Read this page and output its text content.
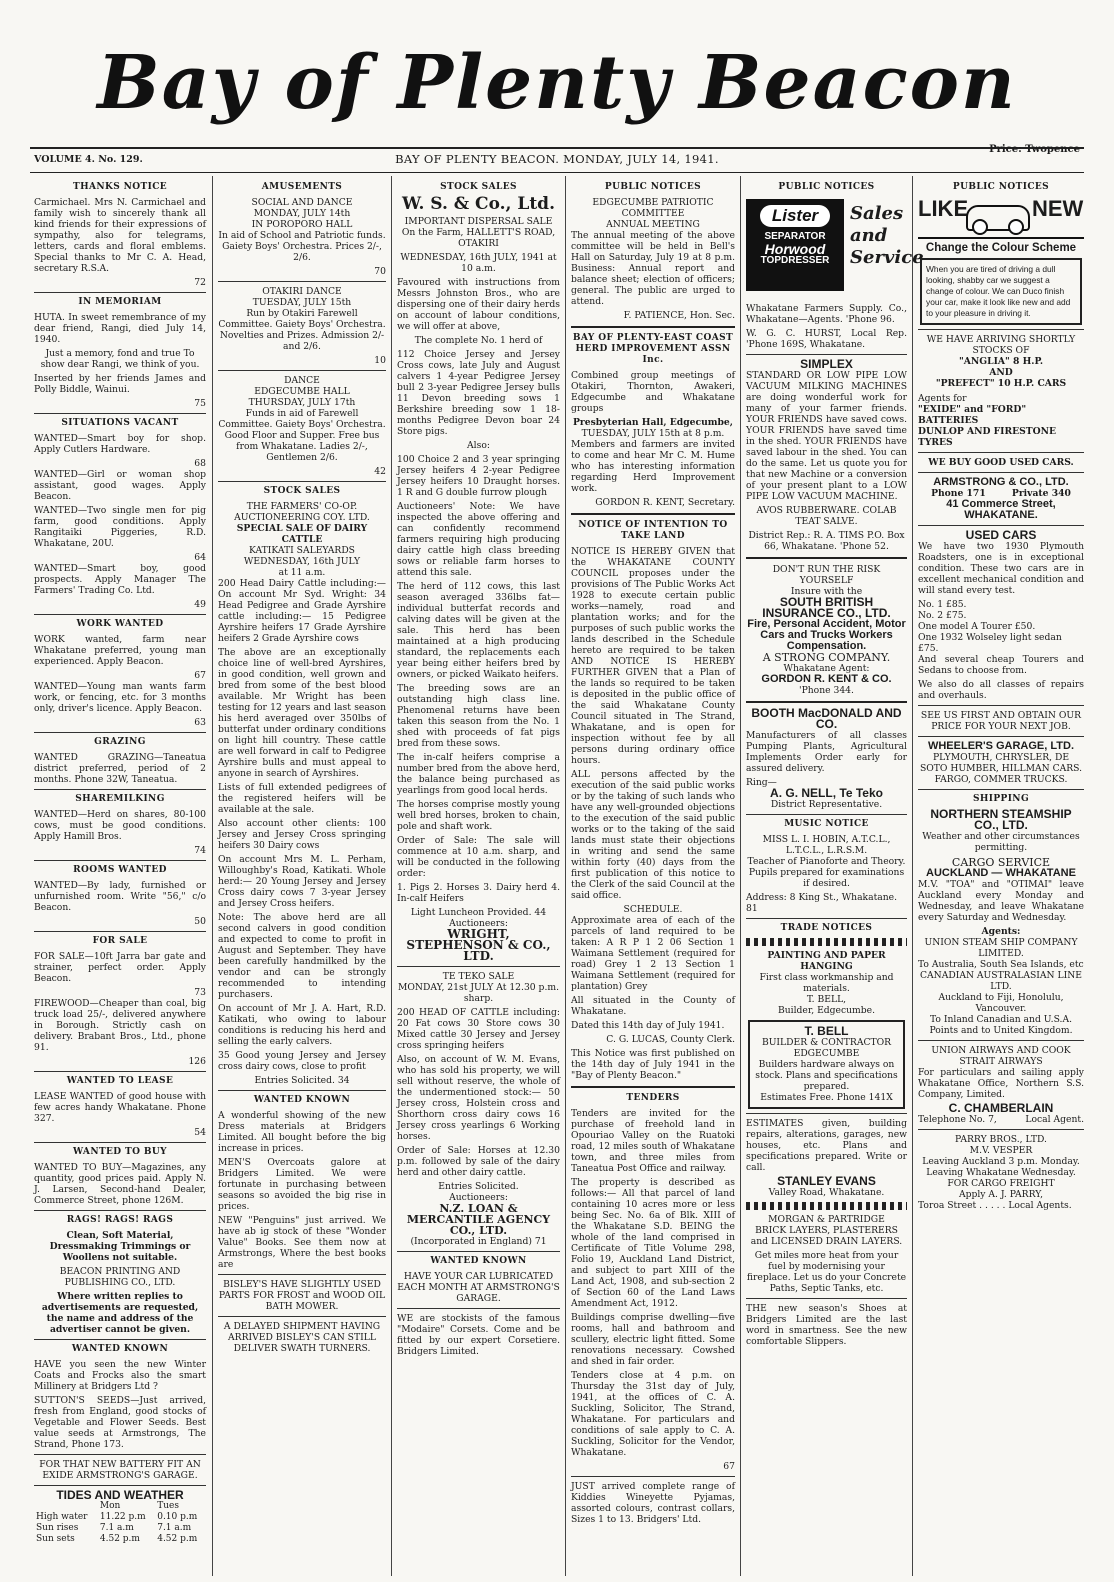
Bay of Plenty Beacon
VOLUME 4. No. 129.	BAY OF PLENTY BEACON. MONDAY, JULY 14, 1941.
Price: Twopence
THANKS NOTICE

Carmichael. Mrs N. Carmichael and family wish to sincerely thank all kind friends for their expressions of sympathy, also for telegrams, letters, cards and floral emblems. Special thanks to Mr C. A. Head, secretary R.S.A.

72
IN MEMORIAM

HUTA. In sweet remembrance of my dear friend, Rangi, died July 14, 1940.

Just a memory, fond and true To show dear Rangi, we think of you.

Inserted by her friends James and Polly Biddle, Wainui.

75
SITUATIONS VACANT

WANTED—Smart boy for shop. Apply Cutlers Hardware.

68

WANTED—Girl or woman shop assistant, good wages. Apply Beacon.

WANTED—Two single men for pig farm, good conditions. Apply Rangitaiki Piggeries, R.D. Whakatane, 20U.

64

WANTED—Smart boy, good prospects. Apply Manager The Farmers' Trading Co. Ltd.

49
WORK WANTED

WORK wanted, farm near Whakatane preferred, young man experienced. Apply Beacon.

67

WANTED—Young man wants farm work, or fencing, etc. for 3 months only, driver's licence. Apply Beacon.

63
GRAZING

WANTED GRAZING—Taneatua district preferred, period of 2 months. Phone 32W, Taneatua.

SHAREMILKING

WANTED—Herd on shares, 80-100 cows, must be good conditions. Apply Hamill Bros.

74
ROOMS WANTED

WANTED—By lady, furnished or unfurnished room. Write "56," c/o Beacon.

50
FOR SALE

FOR SALE—10ft Jarra bar gate and strainer, perfect order. Apply Beacon.

73

FIREWOOD—Cheaper than coal, big truck load 25/-, delivered anywhere in Borough. Strictly cash on delivery. Brabant Bros., Ltd., phone 91.

126
WANTED TO LEASE

LEASE WANTED of good house with few acres handy Whakatane. Phone 327.

54
WANTED TO BUY

WANTED TO BUY—Magazines, any quantity, good prices paid. Apply N. J. Larsen, Second-hand Dealer, Commerce Street, phone 126M.

RAGS! RAGS! RAGS

Clean, Soft Material, Dressmaking Trimmings or Woollens not suitable.

BEACON PRINTING AND PUBLISHING CO., LTD.

Where written replies to advertisements are requested, the name and address of the advertiser cannot be given.

WANTED KNOWN

HAVE you seen the new Winter Coats and Frocks also the smart Millinery at Bridgers Ltd ?

SUTTON'S SEEDS—Just arrived, fresh from England, good stocks of Vegetable and Flower Seeds. Best value seeds at Armstrongs, The Strand, Phone 173.

FOR THAT NEW BATTERY FIT AN EXIDE ARMSTRONG'S GARAGE.

TIDES AND WEATHER
	Mon	Tues
High water	11.22 p.m	0.10 p.m
Sun rises	7.1 a.m	7.1 a.m
Sun sets	4.52 p.m	4.52 p.m
AMUSEMENTS
SOCIAL AND DANCE
MONDAY, JULY 14th
IN POROPORO HALL

In aid of School and Patriotic funds. Gaiety Boys' Orchestra. Prices 2/-, 2/6.

70
OTAKIRI DANCE
TUESDAY, JULY 15th

Run by Otakiri Farewell Committee. Gaiety Boys' Orchestra. Novelties and Prizes. Admission 2/- and 2/6.

10
DANCE
EDGECUMBE HALL
THURSDAY, JULY 17th

Funds in aid of Farewell Committee. Gaiety Boys' Orchestra. Good Floor and Supper. Free bus from Whakatane. Ladies 2/-, Gentlemen 2/6.

42
STOCK SALES
THE FARMERS' CO-OP. AUCTIONEERING COY. LTD.
SPECIAL SALE OF DAIRY CATTLE
KATIKATI SALEYARDS
WEDNESDAY, 16th JULY
at 11 a.m.

200 Head Dairy Cattle including:— On account Mr Syd. Wright: 34 Head Pedigree and Grade Ayrshire cattle including:— 15 Pedigree Ayrshire heifers 17 Grade Ayrshire heifers 2 Grade Ayrshire cows

The above are an exceptionally choice line of well-bred Ayrshires, in good condition, well grown and bred from some of the best blood available. Mr Wright has been testing for 12 years and last season his herd averaged over 350lbs of butterfat under ordinary conditions on light hill country. These cattle are well forward in calf to Pedigree Ayrshire bulls and must appeal to anyone in search of Ayrshires.

Lists of full extended pedigrees of the registered heifers will be available at the sale.

Also account other clients: 100 Jersey and Jersey Cross springing heifers 30 Dairy cows

On account Mrs M. L. Perham, Willoughby's Road, Katikati. Whole herd:— 20 Young Jersey and Jersey Cross dairy cows 7 3-year Jersey and Jersey Cross heifers.

Note: The above herd are all second calvers in good condition and expected to come to profit in August and September. They have been carefully handmilked by the vendor and can be strongly recommended to intending purchasers.

On account of Mr J. A. Hart, R.D. Katikati, who owing to labour conditions is reducing his herd and selling the early calvers.

35 Good young Jersey and Jersey cross dairy cows, close to profit

Entries Solicited. 34
WANTED KNOWN

A wonderful showing of the new Dress materials at Bridgers Limited. All bought before the big increase in prices.

MEN'S Overcoats galore at Bridgers Limited. We were fortunate in purchasing between seasons so avoided the big rise in prices.

NEW "Penguins" just arrived. We have ab ig stock of these "Wonder Value" Books. See them now at Armstrongs, Where the best books are

BISLEY'S HAVE SLIGHTLY USED PARTS FOR FROST and WOOD OIL BATH MOWER.

A DELAYED SHIPMENT HAVING ARRIVED BISLEY'S CAN STILL DELIVER SWATH TURNERS.

STOCK SALES
W. S. & Co., Ltd.
IMPORTANT DISPERSAL SALE

On the Farm, HALLETT'S ROAD, OTAKIRI

WEDNESDAY, 16th JULY, 1941 at 10 a.m.

Favoured with instructions from Messrs Johnston Bros., who are dispersing one of their dairy herds on account of labour conditions, we will offer at above,

The complete No. 1 herd of

112 Choice Jersey and Jersey Cross cows, late July and August calvers 1 4-year Pedigree Jersey bull 2 3-year Pedigree Jersey bulls 11 Devon breeding sows 1 Berkshire breeding sow 1 18-months Pedigree Devon boar 24 Store pigs.

Also:

100 Choice 2 and 3 year springing Jersey heifers 4 2-year Pedigree Jersey heifers 10 Draught horses. 1 R and G double furrow plough

Auctioneers' Note: We have inspected the above offering and can confidently recommend farmers requiring high producing dairy cattle high class breeding sows or reliable farm horses to attend this sale.

The herd of 112 cows, this last season averaged 336lbs fat—individual butterfat records and calving dates will be given at the sale. This herd has been maintained at a high producing standard, the replacements each year being either heifers bred by owners, or picked Waikato heifers.

The breeding sows are an outstanding high class line. Phenomenal returns have been taken this season from the No. 1 shed with proceeds of fat pigs bred from these sows.

The in-calf heifers comprise a number bred from the above herd, the balance being purchased as yearlings from good local herds.

The horses comprise mostly young well bred horses, broken to chain, pole and shaft work.

Order of Sale: The sale will commence at 10 a.m. sharp, and will be conducted in the following order:

1. Pigs 2. Horses 3. Dairy herd 4. In-calf Heifers

Light Luncheon Provided. 44
Auctioneers:
WRIGHT, STEPHENSON & CO., LTD.
TE TEKO SALE

MONDAY, 21st JULY At 12.30 p.m. sharp.

200 HEAD OF CATTLE including: 20 Fat cows 30 Store cows 30 Mixed cattle 30 Jersey and Jersey cross springing heifers

Also, on account of W. M. Evans, who has sold his property, we will sell without reserve, the whole of the undermentioned stock:— 50 Jersey cross, Holstein cross and Shorthorn cross dairy cows 16 Jersey cross yearlings 6 Working horses.

Order of Sale: Horses at 12.30 p.m. followed by sale of the dairy herd and other dairy cattle.

Entries Solicited.
Auctioneers:
N.Z. LOAN & MERCANTILE AGENCY CO., LTD.
(Incorporated in England) 71
WANTED KNOWN

HAVE YOUR CAR LUBRICATED EACH MONTH AT ARMSTRONG'S GARAGE.

WE are stockists of the famous "Modaire" Corsets. Come and be fitted by our expert Corsetiere. Bridgers Limited.

PUBLIC NOTICES
EDGECUMBE PATRIOTIC COMMITTEE
ANNUAL MEETING

The annual meeting of the above committee will be held in Bell's Hall on Saturday, July 19 at 8 p.m. Business: Annual report and balance sheet; election of officers; general. The public are urged to attend.

F. PATIENCE, Hon. Sec.

BAY OF PLENTY-EAST COAST HERD IMPROVEMENT ASSN Inc.

Combined group meetings of Otakiri, Thornton, Awakeri, Edgecumbe and Whakatane groups

Presbyterian Hall, Edgecumbe,
TUESDAY, JULY 15th at 8 p.m.

Members and farmers are invited to come and hear Mr C. M. Hume who has interesting information regarding Herd Improvement work.

GORDON R. KENT, Secretary.

NOTICE OF INTENTION TO TAKE LAND

NOTICE IS HEREBY GIVEN that the WHAKATANE COUNTY COUNCIL proposes under the provisions of The Public Works Act 1928 to execute certain public works—namely, road and plantation works; and for the purposes of such public works the lands described in the Schedule hereto are required to be taken AND NOTICE IS HEREBY FURTHER GIVEN that a Plan of the lands so required to be taken is deposited in the public office of the said Whakatane County Council situated in The Strand, Whakatane, and is open for inspection without fee by all persons during ordinary office hours.

ALL persons affected by the execution of the said public works or by the taking of such lands who have any well-grounded objections to the execution of the said public works or to the taking of the said lands must state their objections in writing and send the same within forty (40) days from the first publication of this notice to the Clerk of the said Council at the said office.

SCHEDULE.

Approximate area of each of the parcels of land required to be taken: A R P 1 2 06 Section 1 Waimana Settlement (required for road) Grey 1 2 13 Section 1 Waimana Settlement (required for plantation) Grey

All situated in the County of Whakatane.

Dated this 14th day of July 1941.

C. G. LUCAS, County Clerk.

This Notice was first published on the 14th day of July 1941 in the "Bay of Plenty Beacon."

TENDERS

Tenders are invited for the purchase of freehold land in Opouriao Valley on the Ruatoki road, 12 miles south of Whakatane town, and three miles from Taneatua Post Office and railway.

The property is described as follows:— All that parcel of land containing 10 acres more or less being Sec. No. 6a of Blk. XIII of the Whakatane S.D. BEING the whole of the land comprised in Certificate of Title Volume 298, Folio 19, Auckland Land District, and subject to part XIII of the Land Act, 1908, and sub-section 2 of Section 60 of the Land Laws Amendment Act, 1912.

Buildings comprise dwelling—five rooms, hall and bathroom and scullery, electric light fitted. Some renovations necessary. Cowshed and shed in fair order.

Tenders close at 4 p.m. on Thursday the 31st day of July, 1941, at the offices of C. A. Suckling, Solicitor, The Strand, Whakatane. For particulars and conditions of sale apply to C. A. Suckling, Solicitor for the Vendor, Whakatane.

67

JUST arrived complete range of Kiddies Wineyette Pyjamas, assorted colours, contrast collars, Sizes 1 to 13. Bridgers' Ltd.

PUBLIC NOTICES
Lister
SEPARATOR
Horwood
TOPDRESSER
Sales and Service

Whakatane Farmers Supply. Co., Whakatane—Agents. 'Phone 96.

W. G. C. HURST, Local Rep. 'Phone 169S, Whakatane.

SIMPLEX

STANDARD OR LOW PIPE LOW VACUUM MILKING MACHINES are doing wonderful work for many of your farmer friends. YOUR FRIENDS have saved cows. YOUR FRIENDS have saved time in the shed. YOUR FRIENDS have saved labour in the shed. You can do the same. Let us quote you for that new Machine or a conversion of your present plant to a LOW PIPE LOW VACUUM MACHINE.

AVOS RUBBERWARE. COLAB TEAT SALVE.

District Rep.: R. A. TIMS P.O. Box 66, Whakatane. 'Phone 52.

DON'T RUN THE RISK YOURSELF
Insure with the
SOUTH BRITISH INSURANCE CO., LTD.
Fire, Personal Accident, Motor Cars and Trucks Workers Compensation.
A STRONG COMPANY.
Whakatane Agent:
GORDON R. KENT & CO.
'Phone 344.
BOOTH MacDONALD AND CO.

Manufacturers of all classes Pumping Plants, Agricultural Implements Order early for assured delivery.

Ring—
A. G. NELL, Te Teko
District Representative.
MUSIC NOTICE
MISS L. I. HOBIN, A.T.C.L., L.T.C.L., L.R.S.M.

Teacher of Pianoforte and Theory. Pupils prepared for examinations if desired.

Address: 8 King St., Whakatane. 81
TRADE NOTICES
PAINTING AND PAPER HANGING
First class workmanship and materials.
T. BELL,
Builder, Edgecumbe.
T. BELL
BUILDER & CONTRACTOR EDGECUMBE
Builders hardware always on stock. Plans and specifications prepared.
Estimates Free. Phone 141X

ESTIMATES given, building repairs, alterations, garages, new houses, etc. Plans and specifications prepared. Write or call.

STANLEY EVANS
Valley Road, Whakatane.
MORGAN & PARTRIDGE

BRICK LAYERS, PLASTERERS and LICENSED DRAIN LAYERS.

Get miles more heat from your fuel by modernising your fireplace. Let us do your Concrete Paths, Septic Tanks, etc.

THE new season's Shoes at Bridgers Limited are the last word in smartness. See the new comfortable Slippers.

PUBLIC NOTICES
LIKE	NEW
Change the Colour Scheme
When you are tired of driving a dull looking, shabby car we suggest a change of colour. We can Duco finish your car, make it look like new and add to your pleasure in driving it.
WE HAVE ARRIVING SHORTLY STOCKS OF
"ANGLIA" 8 H.P.
AND
"PREFECT" 10 H.P. CARS
Agents for
"EXIDE" and "FORD" BATTERIES
DUNLOP AND FIRESTONE TYRES
WE BUY GOOD USED CARS.
ARMSTRONG & CO., LTD.
Phone 171	Private 340
41 Commerce Street, WHAKATANE.
USED CARS

We have two 1930 Plymouth Roadsters, one is in exceptional condition. These two cars are in excellent mechanical condition and will stand every test.

No. 1 £85.
No. 2 £75.
One model A Tourer £50.
One 1932 Wolseley light sedan £75.

And several cheap Tourers and Sedans to choose from.

We also do all classes of repairs and overhauls.

SEE US FIRST AND OBTAIN OUR PRICE FOR YOUR NEXT JOB.

WHEELER'S GARAGE, LTD.

PLYMOUTH, CHRYSLER, DE SOTO HUMBER, HILLMAN CARS. FARGO, COMMER TRUCKS.

SHIPPING
NORTHERN STEAMSHIP CO., LTD.
Weather and other circumstances permitting.
CARGO SERVICE
AUCKLAND — WHAKATANE

M.V. "TOA" and "OTIMAI" leave Auckland every Monday and Wednesday, and leave Whakatane every Saturday and Wednesday.

Agents:
UNION STEAM SHIP COMPANY LIMITED.
To Australia, South Sea Islands, etc
CANADIAN AUSTRALASIAN LINE LTD.
Auckland to Fiji, Honolulu, Vancouver.
To Inland Canadian and U.S.A. Points and to United Kingdom.
UNION AIRWAYS AND COOK STRAIT AIRWAYS

For particulars and sailing apply Whakatane Office, Northern S.S. Company, Limited.

C. CHAMBERLAIN
Telephone No. 7,	Local Agent.
PARRY BROS., LTD.
M.V. VESPER
Leaving Auckland 3 p.m. Monday. Leaving Whakatane Wednesday.
FOR CARGO FREIGHT
Apply A. J. PARRY,
Toroa Street . . . . . Local Agents.
